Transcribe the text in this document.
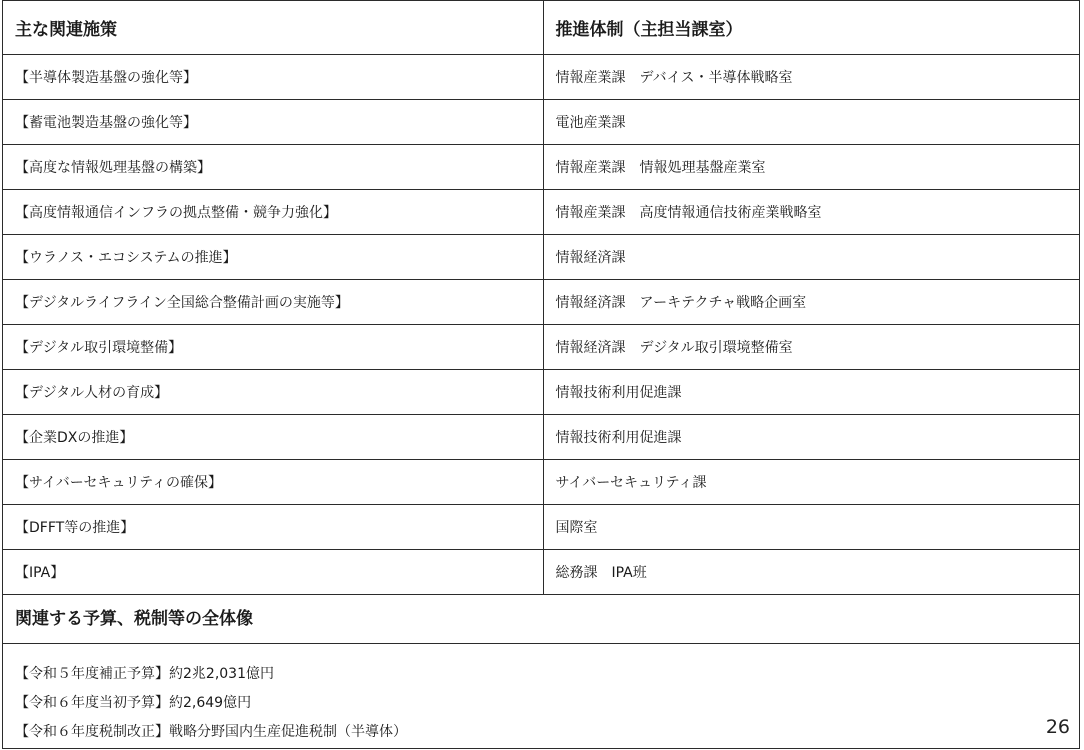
主な関連施策	推進体制（主担当課室）
【半導体製造基盤の強化等】	情報産業課　デバイス・半導体戦略室
【蓄電池製造基盤の強化等】	電池産業課
【高度な情報処理基盤の構築】	情報産業課　情報処理基盤産業室
【高度情報通信インフラの拠点整備・競争力強化】	情報産業課　高度情報通信技術産業戦略室
【ウラノス・エコシステムの推進】	情報経済課
【デジタルライフライン全国総合整備計画の実施等】	情報経済課　アーキテクチャ戦略企画室
【デジタル取引環境整備】	情報経済課　デジタル取引環境整備室
【デジタル人材の育成】	情報技術利用促進課
【企業DXの推進】	情報技術利用促進課
【サイバーセキュリティの確保】	サイバーセキュリティ課
【DFFT等の推進】	国際室
【IPA】	総務課　IPA班
関連する予算、税制等の全体像
【令和５年度補正予算】約2兆2,031億円
【令和６年度当初予算】約2,649億円
【令和６年度税制改正】戦略分野国内生産促進税制（半導体）	26
